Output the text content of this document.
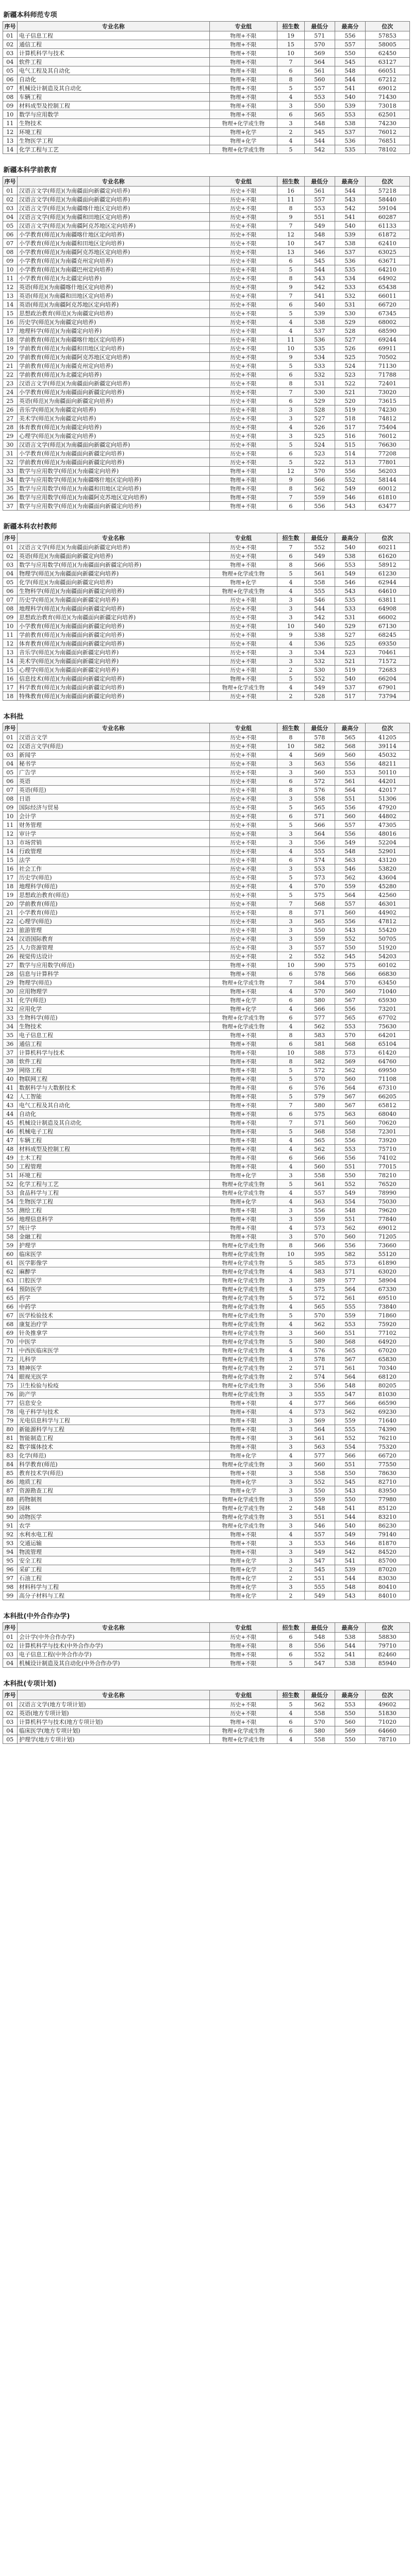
新疆本科师范专项
序号	专业名称	专业组	招生数	最低分	最高分	位次
01	电子信息工程	物理+不限	19	571	556	57853
02	通信工程	物理+不限	15	570	557	58005
03	计算机科学与技术	物理+不限	10	569	550	62450
04	软件工程	物理+不限	7	564	545	63127
05	电气工程及其自动化	物理+不限	6	561	548	66051
06	自动化	物理+不限	8	560	544	67212
07	机械设计制造及其自动化	物理+不限	5	557	541	69012
08	车辆工程	物理+不限	4	553	540	71430
09	材料成型及控制工程	物理+不限	3	550	539	73018
10	数学与应用数学	物理+不限	6	565	553	62501
11	生物技术	物理+化学或生物	3	548	538	74230
12	环境工程	物理+化学	2	545	537	76012
13	生物医学工程	物理+化学	4	544	536	76851
14	化学工程与工艺	物理+化学或生物	5	542	535	78102
新疆本科学前教育
序号	专业名称	专业组	招生数	最低分	最高分	位次
01	汉语言文学(师范)(为南疆面向新疆定向培养)	历史+不限	16	561	544	57218
02	汉语言文学(师范)(为南疆面向新疆定向培养)	历史+不限	11	557	543	58440
03	汉语言文学(师范)(为南疆喀什地区定向培养)	历史+不限	8	553	542	59104
04	汉语言文学(师范)(为南疆和田地区定向培养)	历史+不限	9	551	541	60287
05	汉语言文学(师范)(为南疆阿克苏地区定向培养)	历史+不限	7	549	540	61133
06	小学教育(师范)(为南疆喀什地区定向培养)	历史+不限	12	548	539	61872
07	小学教育(师范)(为南疆和田地区定向培养)	历史+不限	10	547	538	62410
08	小学教育(师范)(为南疆阿克苏地区定向培养)	历史+不限	13	546	537	63025
09	小学教育(师范)(为南疆克州定向培养)	历史+不限	6	545	536	63671
10	小学教育(师范)(为南疆巴州定向培养)	历史+不限	5	544	535	64210
11	小学教育(师范)(为北疆定向培养)	历史+不限	8	543	534	64902
12	英语(师范)(为南疆喀什地区定向培养)	历史+不限	9	542	533	65438
13	英语(师范)(为南疆和田地区定向培养)	历史+不限	7	541	532	66011
14	英语(师范)(为南疆阿克苏地区定向培养)	历史+不限	6	540	531	66720
15	思想政治教育(师范)(为南疆定向培养)	历史+不限	5	539	530	67345
16	历史学(师范)(为南疆定向培养)	历史+不限	4	538	529	68002
17	地理科学(师范)(为南疆定向培养)	历史+不限	4	537	528	68590
18	学前教育(师范)(为南疆喀什地区定向培养)	历史+不限	11	536	527	69244
19	学前教育(师范)(为南疆和田地区定向培养)	历史+不限	10	535	526	69911
20	学前教育(师范)(为南疆阿克苏地区定向培养)	历史+不限	9	534	525	70502
21	学前教育(师范)(为南疆克州定向培养)	历史+不限	5	533	524	71130
22	学前教育(师范)(为北疆定向培养)	历史+不限	6	532	523	71788
23	汉语言文学(师范)(为南疆面向新疆定向培养)	历史+不限	8	531	522	72401
24	小学教育(师范)(为南疆面向新疆定向培养)	历史+不限	7	530	521	73020
25	英语(师范)(为南疆面向新疆定向培养)	历史+不限	6	529	520	73615
26	音乐学(师范)(为南疆定向培养)	历史+不限	3	528	519	74230
27	美术学(师范)(为南疆定向培养)	历史+不限	3	527	518	74812
28	体育教育(师范)(为南疆定向培养)	历史+不限	4	526	517	75404
29	心理学(师范)(为南疆定向培养)	历史+不限	3	525	516	76012
30	汉语言文学(师范)(为南疆面向新疆定向培养)	历史+不限	5	524	515	76630
31	小学教育(师范)(为南疆面向新疆定向培养)	历史+不限	6	523	514	77208
32	学前教育(师范)(为南疆面向新疆定向培养)	历史+不限	5	522	513	77801
33	数学与应用数学(师范)(为南疆定向培养)	物理+不限	12	570	556	56203
34	数学与应用数学(师范)(为南疆喀什地区定向培养)	物理+不限	9	566	552	58144
35	数学与应用数学(师范)(为南疆和田地区定向培养)	物理+不限	8	562	549	60012
36	数学与应用数学(师范)(为南疆阿克苏地区定向培养)	物理+不限	7	559	546	61810
37	数学与应用数学(师范)(为南疆面向新疆定向培养)	物理+不限	6	556	543	63477
新疆本科农村教师
序号	专业名称	专业组	招生数	最低分	最高分	位次
01	汉语言文学(师范)(为南疆面向新疆定向培养)	历史+不限	7	552	540	60211
02	英语(师范)(为南疆面向新疆定向培养)	历史+不限	6	549	538	61620
03	数学与应用数学(师范)(为南疆面向新疆定向培养)	物理+不限	8	566	553	58912
04	物理学(师范)(为南疆面向新疆定向培养)	物理+化学或生物	5	561	549	61230
05	化学(师范)(为南疆面向新疆定向培养)	物理+化学	4	558	546	62944
06	生物科学(师范)(为南疆面向新疆定向培养)	物理+化学或生物	4	555	543	64610
07	历史学(师范)(为南疆面向新疆定向培养)	历史+不限	3	546	535	63811
08	地理科学(师范)(为南疆面向新疆定向培养)	历史+不限	3	544	533	64908
09	思想政治教育(师范)(为南疆面向新疆定向培养)	历史+不限	3	542	531	66002
10	小学教育(师范)(为南疆面向新疆定向培养)	历史+不限	10	540	529	67130
11	学前教育(师范)(为南疆面向新疆定向培养)	历史+不限	9	538	527	68245
12	体育教育(师范)(为南疆面向新疆定向培养)	历史+不限	4	536	525	69350
13	音乐学(师范)(为南疆面向新疆定向培养)	历史+不限	3	534	523	70461
14	美术学(师范)(为南疆面向新疆定向培养)	历史+不限	3	532	521	71572
15	心理学(师范)(为南疆面向新疆定向培养)	历史+不限	2	530	519	72683
16	信息技术(师范)(为南疆面向新疆定向培养)	物理+不限	5	552	540	66204
17	科学教育(师范)(为南疆面向新疆定向培养)	物理+化学或生物	4	549	537	67901
18	特殊教育(师范)(为南疆面向新疆定向培养)	历史+不限	2	528	517	73794
本科批
序号	专业名称	专业组	招生数	最低分	最高分	位次
01	汉语言文学	历史+不限	8	578	565	41205
02	汉语言文学(师范)	历史+不限	10	582	568	39114
03	新闻学	历史+不限	4	569	560	45032
04	秘书学	历史+不限	3	563	556	48211
05	广告学	历史+不限	3	560	553	50110
06	英语	历史+不限	6	572	561	44201
07	英语(师范)	历史+不限	8	576	564	42017
08	日语	历史+不限	3	558	551	51306
09	国际经济与贸易	历史+不限	5	565	556	47920
10	会计学	历史+不限	6	571	560	44802
11	财务管理	历史+不限	5	566	557	47305
12	审计学	历史+不限	3	564	556	48016
13	市场营销	历史+不限	3	556	549	52204
14	行政管理	历史+不限	4	555	548	52901
15	法学	历史+不限	6	574	563	43120
16	社会工作	历史+不限	3	553	546	53820
17	历史学(师范)	历史+不限	5	573	562	43604
18	地理科学(师范)	历史+不限	4	570	559	45280
19	思想政治教育(师范)	历史+不限	5	575	564	42560
20	学前教育(师范)	历史+不限	7	568	557	46301
21	小学教育(师范)	历史+不限	8	571	560	44902
22	心理学(师范)	历史+不限	3	565	556	47812
23	旅游管理	历史+不限	3	550	543	55420
24	汉语国际教育	历史+不限	3	559	552	50705
25	人力资源管理	历史+不限	3	557	550	51920
26	视觉传达设计	历史+不限	2	552	545	54203
27	数学与应用数学(师范)	物理+不限	10	590	575	60102
28	信息与计算科学	物理+不限	6	578	566	66830
29	物理学(师范)	物理+化学或生物	7	584	570	63450
30	应用物理学	物理+不限	4	570	560	71040
31	化学(师范)	物理+化学	6	580	567	65930
32	应用化学	物理+化学	4	566	556	73201
33	生物科学(师范)	物理+化学或生物	6	577	565	67702
34	生物技术	物理+化学或生物	4	562	553	75630
35	电子信息工程	物理+不限	8	583	570	64201
36	通信工程	物理+不限	6	581	568	65104
37	计算机科学与技术	物理+不限	10	588	573	61420
38	软件工程	物理+不限	8	582	569	64760
39	网络工程	物理+不限	5	572	562	69950
40	物联网工程	物理+不限	5	570	560	71108
41	数据科学与大数据技术	物理+不限	6	576	564	67310
42	人工智能	物理+不限	5	579	567	66205
43	电气工程及其自动化	物理+不限	7	580	567	65812
44	自动化	物理+不限	6	575	563	68040
45	机械设计制造及其自动化	物理+不限	7	571	560	70620
46	机械电子工程	物理+不限	5	568	558	72301
47	车辆工程	物理+不限	4	565	556	73920
48	材料成型及控制工程	物理+不限	4	562	553	75710
49	土木工程	物理+不限	6	566	556	74102
50	工程管理	物理+不限	4	560	551	77015
51	环境工程	物理+化学	3	558	550	78210
52	化学工程与工艺	物理+化学或生物	5	561	552	76520
53	食品科学与工程	物理+化学或生物	4	557	549	78990
54	生物医学工程	物理+化学	4	563	554	75030
55	测绘工程	物理+不限	3	556	548	79620
56	地理信息科学	物理+不限	3	559	551	77840
57	统计学	物理+不限	4	573	562	69012
58	金融工程	物理+不限	3	570	560	71205
59	护理学	物理+化学或生物	8	566	556	73660
60	临床医学	物理+化学或生物	10	595	582	55120
61	医学影像学	物理+化学或生物	5	585	573	61890
62	麻醉学	物理+化学或生物	4	583	571	63020
63	口腔医学	物理+化学或生物	3	589	577	58904
64	预防医学	物理+化学或生物	4	575	564	67330
65	药学	物理+化学或生物	5	572	561	69510
66	中药学	物理+化学或生物	4	565	555	73840
67	医学检验技术	物理+化学或生物	5	570	559	71860
68	康复治疗学	物理+化学或生物	4	562	553	75920
69	针灸推拿学	物理+化学或生物	3	560	551	77102
70	中医学	物理+化学或生物	5	580	568	64920
71	中西医临床医学	物理+化学或生物	4	576	565	67020
72	儿科学	物理+化学或生物	3	578	567	65830
73	精神医学	物理+化学或生物	2	571	561	70340
74	眼视光医学	物理+化学或生物	2	574	564	68120
75	卫生检验与检疫	物理+化学或生物	3	556	548	80205
76	助产学	物理+化学或生物	3	555	547	81030
77	信息安全	物理+不限	4	577	566	66590
78	电子科学与技术	物理+不限	4	573	562	69230
79	光电信息科学与工程	物理+不限	3	569	559	71640
80	新能源科学与工程	物理+不限	3	564	555	74390
81	智能制造工程	物理+不限	3	561	552	76210
82	数字媒体技术	物理+不限	3	563	554	75320
83	化学(师范)	物理+化学	4	577	566	66720
84	科学教育(师范)	物理+化学或生物	3	560	551	77550
85	教育技术学(师范)	物理+不限	3	558	550	78630
86	地质工程	物理+化学	3	552	545	82710
87	资源勘查工程	物理+化学	3	550	543	83950
88	药物制剂	物理+化学或生物	3	559	550	77980
89	园林	物理+化学或生物	2	548	541	85120
90	动物医学	物理+化学或生物	3	551	544	83210
91	农学	物理+化学或生物	3	546	540	86230
92	水利水电工程	物理+不限	4	557	549	79140
93	交通运输	物理+不限	3	553	546	81870
94	物流管理	物理+不限	3	549	542	84520
95	安全工程	物理+化学	3	547	541	85700
96	采矿工程	物理+化学	2	545	539	87020
97	石油工程	物理+化学	2	551	544	83030
98	材料科学与工程	物理+化学	3	555	548	80410
99	高分子材料与工程	物理+化学	2	549	543	84010
本科批(中外合作办学)
序号	专业名称	专业组	招生数	最低分	最高分	位次
01	会计学(中外合作办学)	历史+不限	6	548	538	58830
02	计算机科学与技术(中外合作办学)	物理+不限	8	556	544	79710
03	电子信息工程(中外合作办学)	物理+不限	6	552	541	82460
04	机械设计制造及其自动化(中外合作办学)	物理+不限	5	547	538	85940
本科批(专项计划)
序号	专业名称	专业组	招生数	最低分	最高分	位次
01	汉语言文学(地方专项计划)	历史+不限	5	562	553	49602
02	英语(地方专项计划)	历史+不限	4	558	550	51830
03	计算机科学与技术(地方专项计划)	物理+不限	6	570	560	71020
04	临床医学(地方专项计划)	物理+化学或生物	6	580	569	64660
05	护理学(地方专项计划)	物理+化学或生物	4	558	550	78710
